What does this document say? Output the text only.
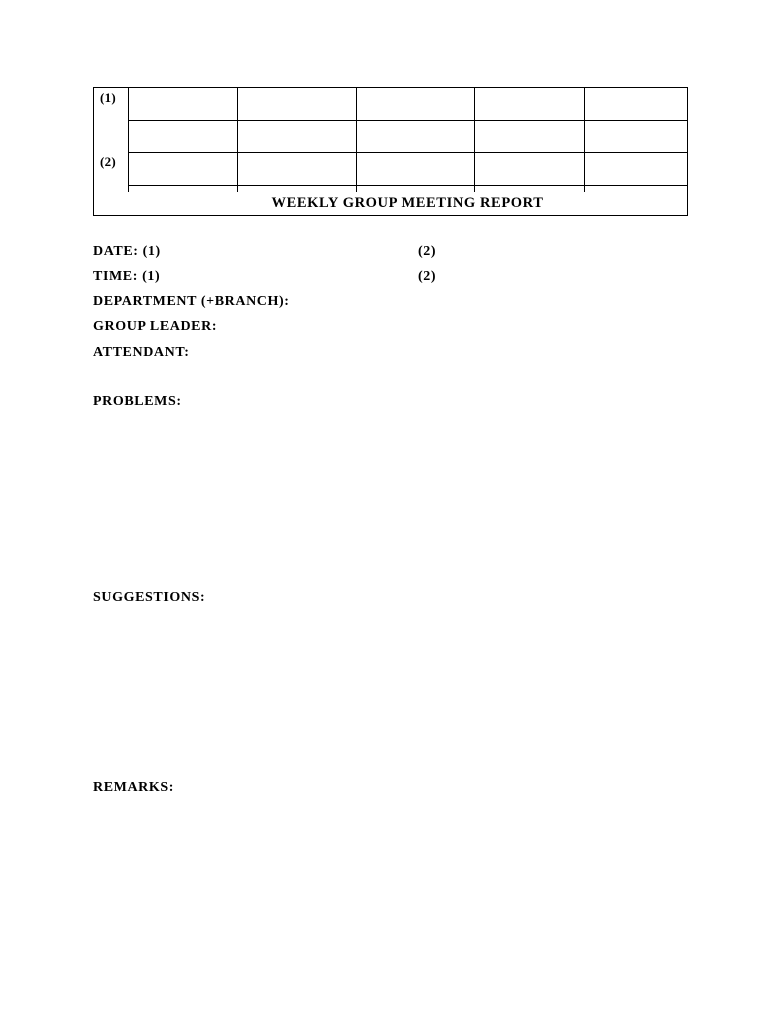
(1)
(2)
WEEKLY GROUP MEETING REPORT
DATE: (1)	(2)
TIME: (1)	(2)
DEPARTMENT (+BRANCH):
GROUP LEADER:
ATTENDANT:
PROBLEMS:
SUGGESTIONS:
REMARKS:
